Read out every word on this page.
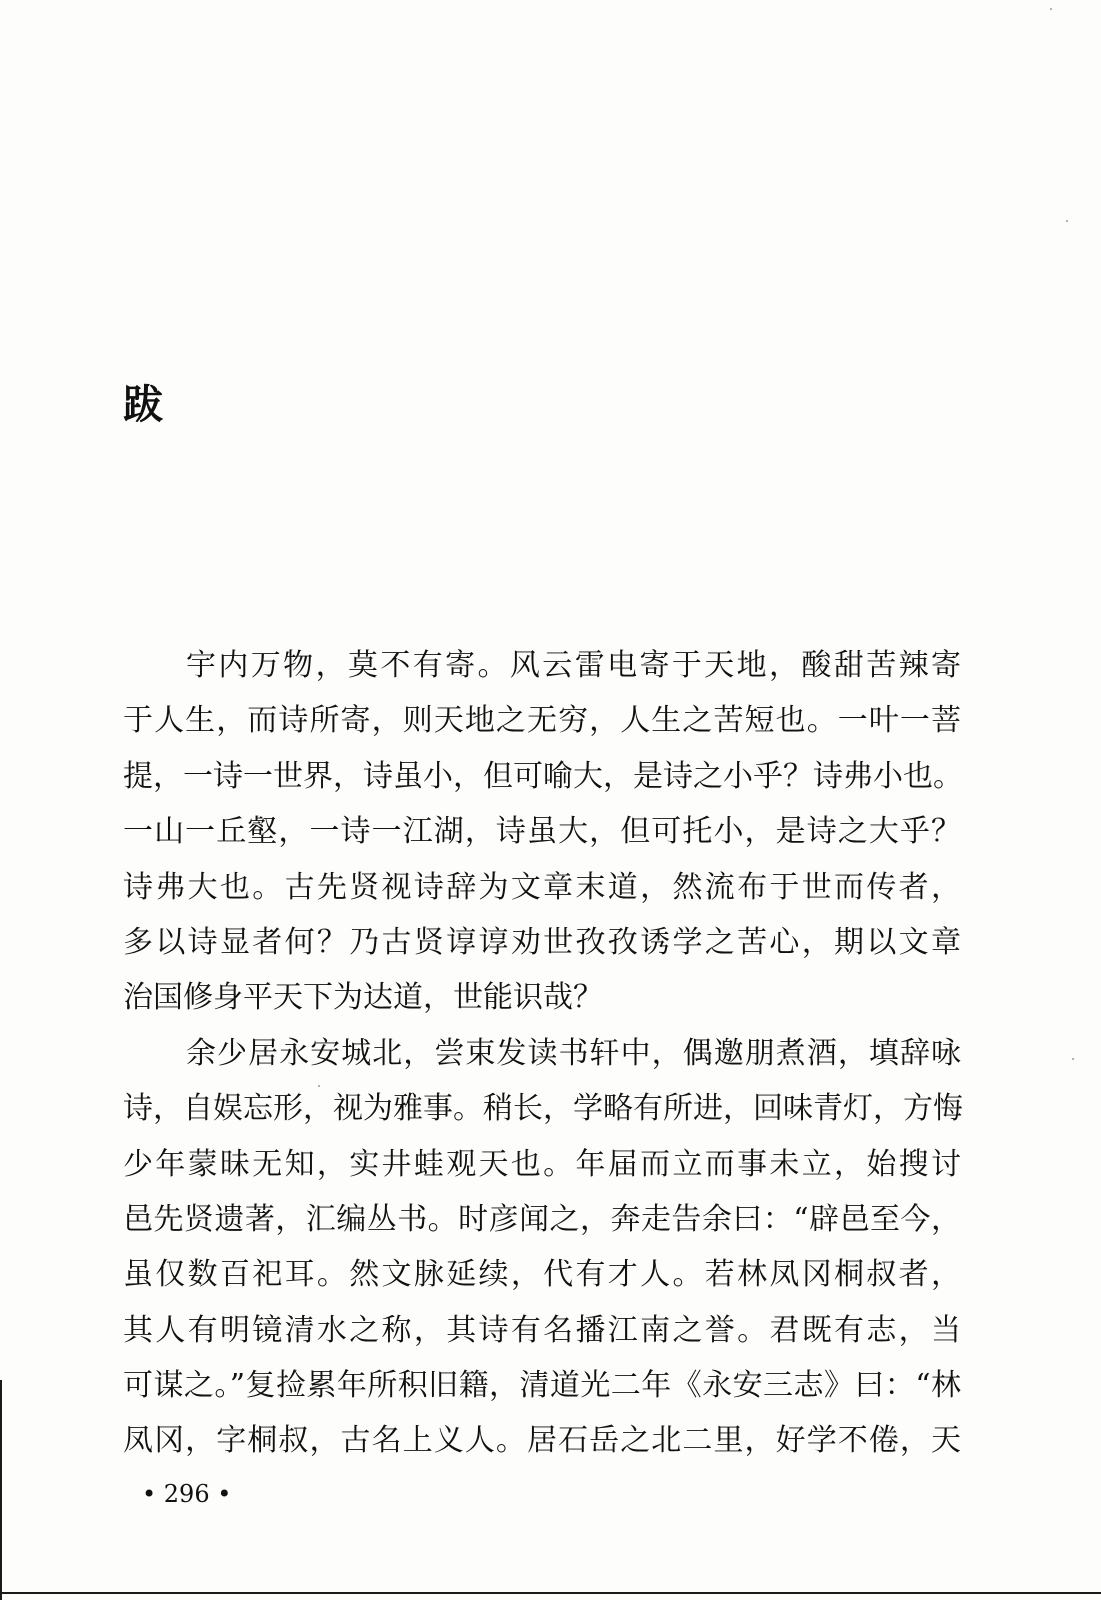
跋
宇内万物，莫不有寄。风云雷电寄于天地，酸甜苦辣寄
于人生，而诗所寄，则天地之无穷，人生之苦短也。一叶一菩
提，一诗一世界，诗虽小，但可喻大，是诗之小乎？诗弗小也。
一山一丘壑，一诗一江湖，诗虽大，但可托小，是诗之大乎？
诗弗大也。古先贤视诗辞为文章末道，然流布于世而传者，
多以诗显者何？乃古贤谆谆劝世孜孜诱学之苦心，期以文章
治国修身平天下为达道，世能识哉？
余少居永安城北，尝束发读书轩中，偶邀朋煮酒，填辞咏
诗，自娱忘形，视为雅事。稍长，学略有所进，回味青灯，方悔
少年蒙昧无知，实井蛙观天也。年届而立而事未立，始搜讨
邑先贤遗著，汇编丛书。时彦闻之，奔走告余曰：“辟邑至今，
虽仅数百祀耳。然文脉延续，代有才人。若林凤冈桐叔者，
其人有明镜清水之称，其诗有名播江南之誉。君既有志，当
可谋之。”复捡累年所积旧籍，清道光二年《永安三志》曰：“林
凤冈，字桐叔，古名上义人。居石岳之北二里，好学不倦，天
• 296 •
